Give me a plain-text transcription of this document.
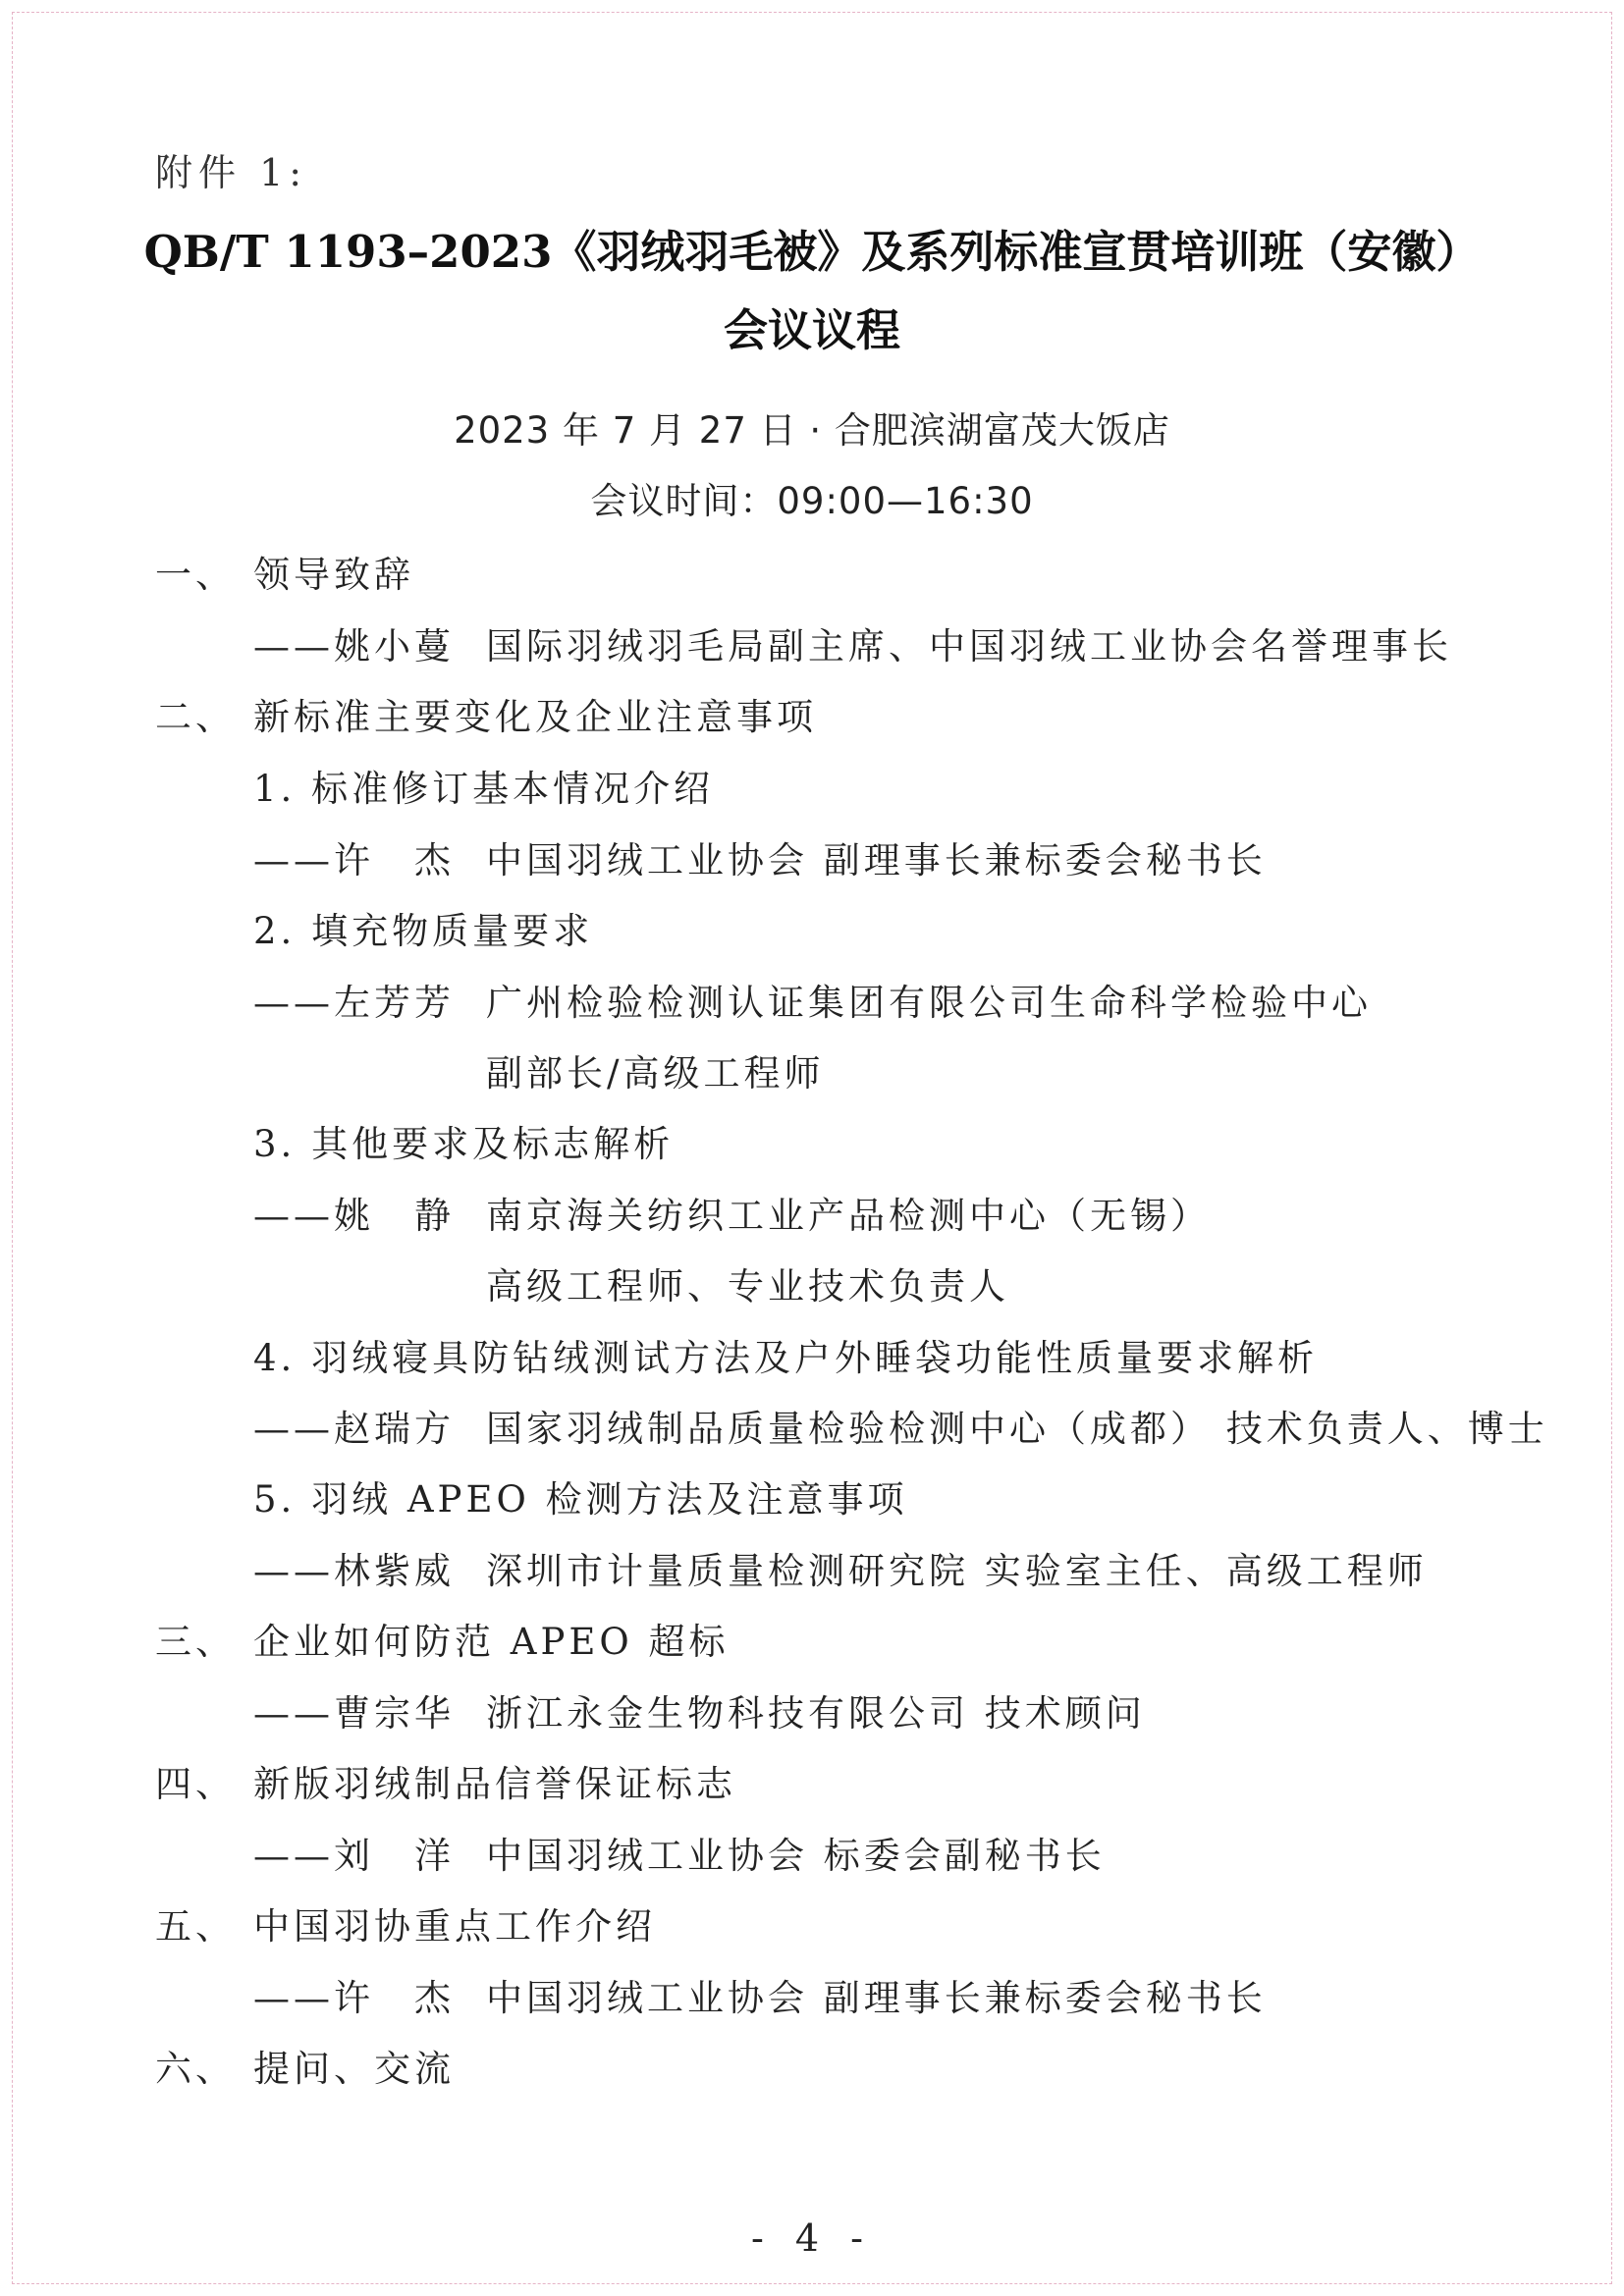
附件 1:
QB/T 1193–2023《羽绒羽毛被》及系列标准宣贯培训班（安徽）
会议议程
2023 年 7 月 27 日 · 合肥滨湖富茂大饭店
会议时间：09:00—16:30
一、 领导致辞
——姚小蔓 国际羽绒羽毛局副主席、中国羽绒工业协会名誉理事长
二、 新标准主要变化及企业注意事项
1. 标准修订基本情况介绍
——许　杰 中国羽绒工业协会 副理事长兼标委会秘书长
2. 填充物质量要求
——左芳芳 广州检验检测认证集团有限公司生命科学检验中心
副部长/高级工程师
3. 其他要求及标志解析
——姚　静 南京海关纺织工业产品检测中心（无锡）
高级工程师、专业技术负责人
4. 羽绒寝具防钻绒测试方法及户外睡袋功能性质量要求解析
——赵瑞方 国家羽绒制品质量检验检测中心（成都） 技术负责人、博士
5. 羽绒 APEO 检测方法及注意事项
——林紫威 深圳市计量质量检测研究院 实验室主任、高级工程师
三、 企业如何防范 APEO 超标
——曹宗华 浙江永金生物科技有限公司 技术顾问
四、 新版羽绒制品信誉保证标志
——刘　洋 中国羽绒工业协会 标委会副秘书长
五、 中国羽协重点工作介绍
——许　杰 中国羽绒工业协会 副理事长兼标委会秘书长
六、 提问、交流
- 4 -
